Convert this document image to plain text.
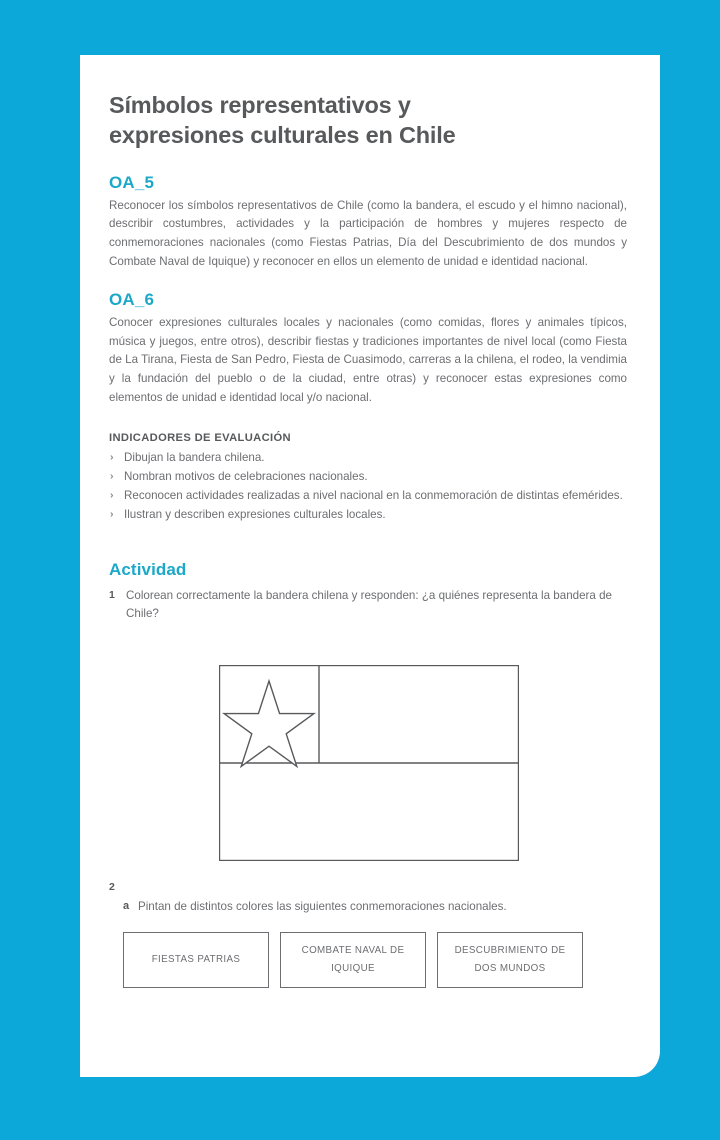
Símbolos representativos y
expresiones culturales en Chile
OA_5

Reconocer los símbolos representativos de Chile (como la bandera, el escudo y el himno nacional), describir costumbres, actividades y la participación de hombres y mujeres respecto de conmemoraciones nacionales (como Fiestas Patrias, Día del Descubrimiento de dos mundos y Combate Naval de Iquique) y reconocer en ellos un elemento de unidad e identidad nacional.

OA_6

Conocer expresiones culturales locales y nacionales (como comidas, flores y animales típicos, música y juegos, entre otros), describir fiestas y tradiciones importantes de nivel local (como Fiesta de La Tirana, Fiesta de San Pedro, Fiesta de Cuasimodo, carreras a la chilena, el rodeo, la vendimia y la fundación del pueblo o de la ciudad, entre otras) y reconocer estas expresiones como elementos de unidad e identidad local y/o nacional.

INDICADORES DE EVALUACIÓN
› Dibujan la bandera chilena.
› Nombran motivos de celebraciones nacionales.
› Reconocen actividades realizadas a nivel nacional en la conmemoración de distintas efemérides.
› Ilustran y describen expresiones culturales locales.
Actividad
1 Colorean correctamente la bandera chilena y responden: ¿a quiénes representa la bandera de Chile?
2
a Pintan de distintos colores las siguientes conmemoraciones nacionales.
FIESTAS PATRIAS
COMBATE NAVAL DE IQUIQUE
DESCUBRIMIENTO DE DOS MUNDOS
